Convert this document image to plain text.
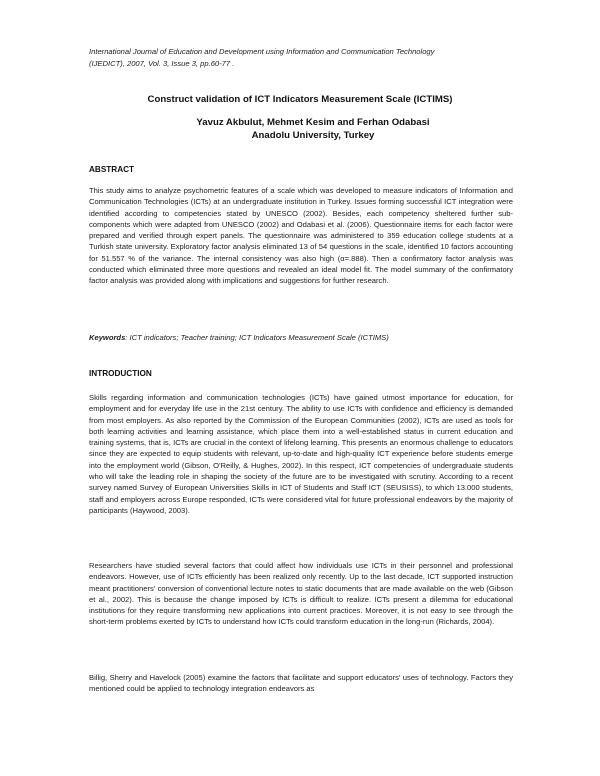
International Journal of Education and Development using Information and Communication Technology
(IJEDICT), 2007, Vol. 3, Issue 3, pp.60-77 .
Construct validation of ICT Indicators Measurement Scale (ICTIMS)
Yavuz Akbulut, Mehmet Kesim and Ferhan Odabasi
Anadolu University, Turkey
ABSTRACT
This study aims to analyze psychometric features of a scale which was developed to measure indicators of Information and Communication Technologies (ICTs) at an undergraduate institution in Turkey. Issues forming successful ICT integration were identified according to competencies stated by UNESCO (2002). Besides, each competency sheltered further sub-components which were adapted from UNESCO (2002) and Odabasi et al. (2006). Questionnaire items for each factor were prepared and verified through expert panels. The questionnaire was administered to 359 education college students at a Turkish state university. Exploratory factor analysis eliminated 13 of 54 questions in the scale, identified 10 factors accounting for 51.557 % of the variance. The internal consistency was also high (α=.888). Then a confirmatory factor analysis was conducted which eliminated three more questions and revealed an ideal model fit. The model summary of the confirmatory factor analysis was provided along with implications and suggestions for further research.
Keywords: ICT indicators; Teacher training; ICT Indicators Measurement Scale (ICTIMS)
INTRODUCTION
Skills regarding information and communication technologies (ICTs) have gained utmost importance for education, for employment and for everyday life use in the 21st century. The ability to use ICTs with confidence and efficiency is demanded from most employers. As also reported by the Commission of the European Communities (2002), ICTs are used as tools for both learning activities and learning assistance, which place them into a well-established status in current education and training systems, that is, ICTs are crucial in the context of lifelong learning. This presents an enormous challenge to educators since they are expected to equip students with relevant, up-to-date and high-quality ICT experience before students emerge into the employment world (Gibson, O'Reilly, & Hughes, 2002). In this respect, ICT competencies of undergraduate students who will take the leading role in shaping the society of the future are to be investigated with scrutiny. According to a recent survey named Survey of European Universities Skills in ICT of Students and Staff ICT (SEUSISS), to which 13.000 students, staff and employers across Europe responded, ICTs were considered vital for future professional endeavors by the majority of participants (Haywood, 2003).
Researchers have studied several factors that could affect how individuals use ICTs in their personnel and professional endeavors. However, use of ICTs efficiently has been realized only recently. Up to the last decade, ICT supported instruction meant practitioners' conversion of conventional lecture notes to static documents that are made available on the web (Gibson et al., 2002). This is because the change imposed by ICTs is difficult to realize. ICTs present a dilemma for educational institutions for they require transforming new applications into current practices. Moreover, it is not easy to see through the short-term problems exerted by ICTs to understand how ICTs could transform education in the long-run (Richards, 2004).
Billig, Sherry and Havelock (2005) examine the factors that facilitate and support educators' uses of technology. Factors they mentioned could be applied to technology integration endeavors as
